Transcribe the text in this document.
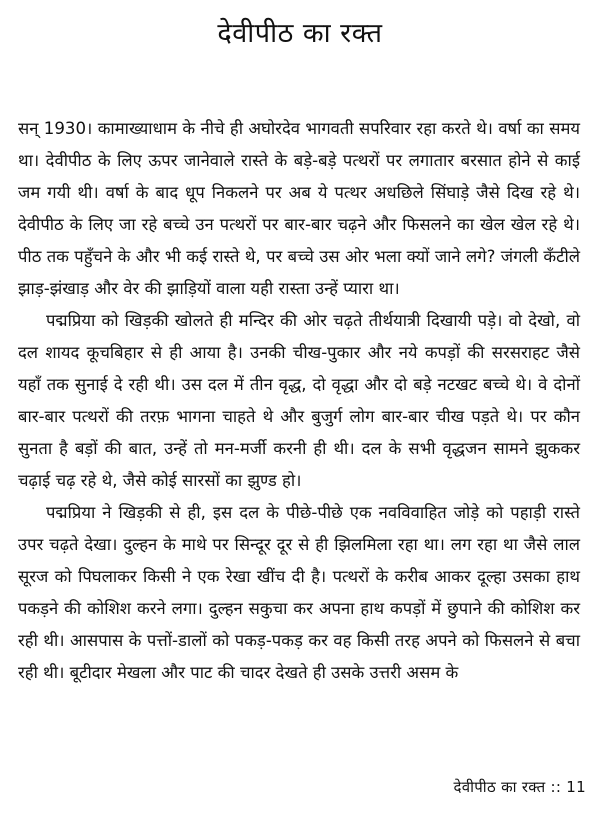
देवीपीठ का रक्त

सन् 1930। कामाख्याधाम के नीचे ही अघोरदेव भागवती सपरिवार रहा करते थे। वर्षा का समय था। देवीपीठ के लिए ऊपर जानेवाले रास्ते के बड़े-बड़े पत्थरों पर लगातार बरसात होने से काई जम गयी थी। वर्षा के बाद धूप निकलने पर अब ये पत्थर अधछिले सिंघाड़े जैसे दिख रहे थे। देवीपीठ के लिए जा रहे बच्चे उन पत्थरों पर बार-बार चढ़ने और फिसलने का खेल खेल रहे थे। पीठ तक पहुँचने के और भी कई रास्ते थे, पर बच्चे उस ओर भला क्यों जाने लगे? जंगली कँटीले झाड़-झंखाड़ और वेर की झाड़ियों वाला यही रास्ता उन्हें प्यारा था।

पद्मप्रिया को खिड़की खोलते ही मन्दिर की ओर चढ़ते तीर्थयात्री दिखायी पड़े। वो देखो, वो दल शायद कूचबिहार से ही आया है। उनकी चीख-पुकार और नये कपड़ों की सरसराहट जैसे यहाँ तक सुनाई दे रही थी। उस दल में तीन वृद्ध, दो वृद्धा और दो बड़े नटखट बच्चे थे। वे दोनों बार-बार पत्थरों की तरफ़ भागना चाहते थे और बुजुर्ग लोग बार-बार चीख पड़ते थे। पर कौन सुनता है बड़ों की बात, उन्हें तो मन-मर्जी करनी ही थी। दल के सभी वृद्धजन सामने झुककर चढ़ाई चढ़ रहे थे, जैसे कोई सारसों का झुण्ड हो।

पद्मप्रिया ने खिड़की से ही, इस दल के पीछे-पीछे एक नवविवाहित जोड़े को पहाड़ी रास्ते उपर चढ़ते देखा। दुल्हन के माथे पर सिन्दूर दूर से ही झिलमिला रहा था। लग रहा था जैसे लाल सूरज को पिघलाकर किसी ने एक रेखा खींच दी है। पत्थरों के करीब आकर दूल्हा उसका हाथ पकड़ने की कोशिश करने लगा। दुल्हन सकुचा कर अपना हाथ कपड़ों में छुपाने की कोशिश कर रही थी। आसपास के पत्तों-डालों को पकड़-पकड़ कर वह किसी तरह अपने को फिसलने से बचा रही थी। बूटीदार मेखला और पाट की चादर देखते ही उसके उत्तरी असम के

देवीपीठ का रक्त :: 11
